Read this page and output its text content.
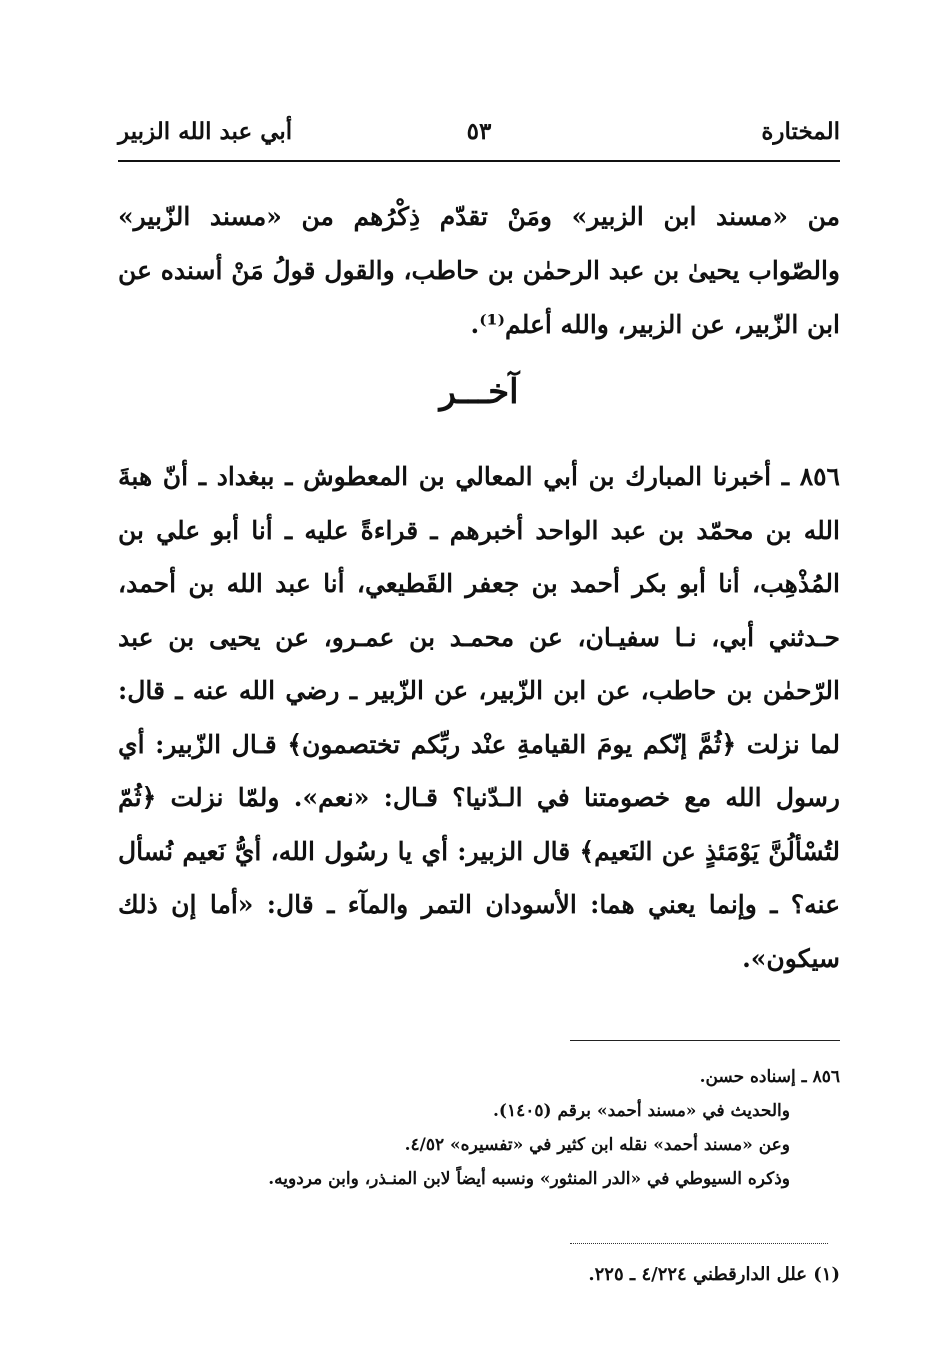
المختارة
٥٣
أبي عبد الله الزبير

من «مسند ابن الزبير» ومَنْ تقدّم ذِكْرُهم من «مسند الزّبير» والصّواب يحيىٰ بن عبد الرحمٰن بن حاطب، والقول قولُ مَنْ أسنده عن ابن الزّبير، عن الزبير، والله أعلم⁽¹⁾.

آخـــر

٨٥٦ ـ أخبرنا المبارك بن أبي المعالي بن المعطوش ـ ببغداد ـ أنّ هبةَ الله بن محمّد بن عبد الواحد أخبرهم ـ قراءةً عليه ـ أنا أبو علي بن المُذْهِب، أنا أبو بكر أحمد بن جعفر القَطيعي، أنا عبد الله بن أحمد، حـدثني أبي، نـا سفيـان، عن محمـد بن عمـرو، عن يحيى بن عبد الرّحمٰن بن حاطب، عن ابن الزّبير، عن الزّبير ـ رضي الله عنه ـ قال: لما نزلت ﴿ثُمَّ إنّكم يومَ القيامةِ عنْد ربِّكم تختصمون﴾ قـال الزّبير: أي رسول الله مع خصومتنا في الـدّنيا؟ قـال: «نعم». ولمّا نزلت ﴿ثُمّ لتُسْألُنَّ يَوْمَئذٍ عن النَعيم﴾ قال الزبير: أي يا رسُول الله، أيُّ نَعيم نُسأل عنه؟ ـ وإنما يعني هما: الأسودان التمر والمآء ـ قال: «أما إن ذلك سيكون».

٨٥٦ ـ إسناده حسن.
والحديث في «مسند أحمد» برقم (١٤٠٥).
وعن «مسند أحمد» نقله ابن كثير في «تفسيره» ٤/٥٢.
وذكره السيوطي في «الدر المنثور» ونسبه أيضاً لابن المنـذر، وابن مردويه.
(١) علل الدارقطني ٤/٢٢٤ ـ ٢٢٥.
